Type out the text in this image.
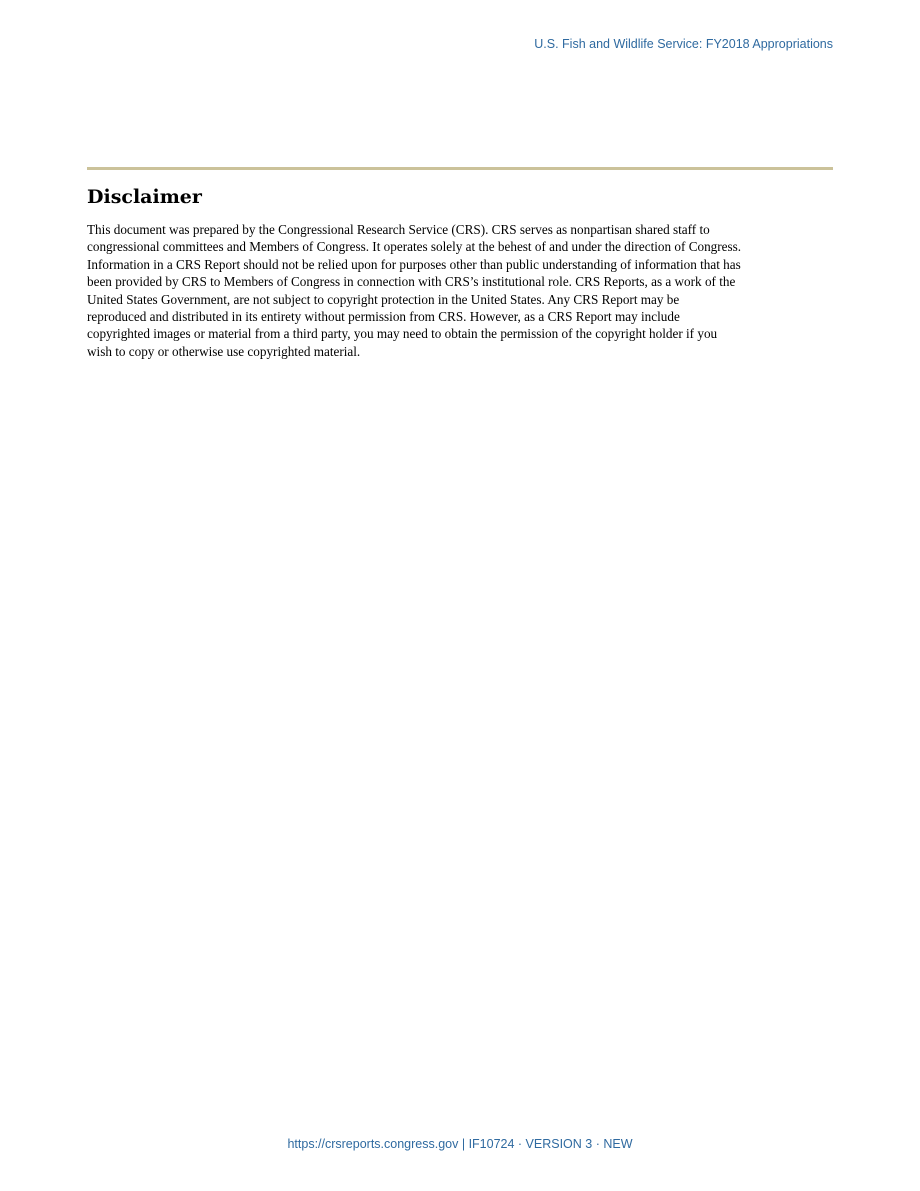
U.S. Fish and Wildlife Service: FY2018 Appropriations
Disclaimer

This document was prepared by the Congressional Research Service (CRS). CRS serves as nonpartisan shared staff to
congressional committees and Members of Congress. It operates solely at the behest of and under the direction of Congress.
Information in a CRS Report should not be relied upon for purposes other than public understanding of information that has
been provided by CRS to Members of Congress in connection with CRS’s institutional role. CRS Reports, as a work of the
United States Government, are not subject to copyright protection in the United States. Any CRS Report may be
reproduced and distributed in its entirety without permission from CRS. However, as a CRS Report may include
copyrighted images or material from a third party, you may need to obtain the permission of the copyright holder if you
wish to copy or otherwise use copyrighted material.

https://crsreports.congress.gov | IF10724 · VERSION 3 · NEW
